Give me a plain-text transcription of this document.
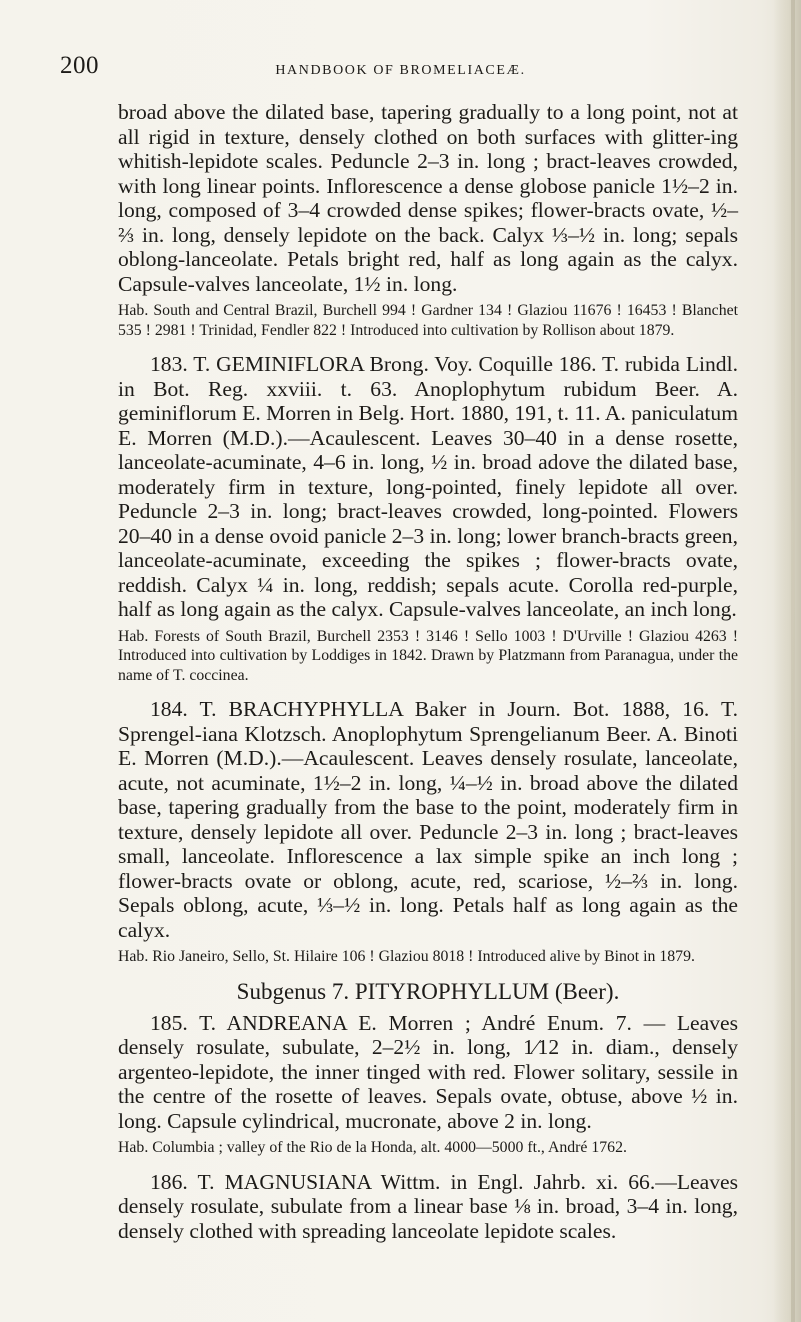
200	HANDBOOK OF BROMELIACEÆ.

broad above the dilated base, tapering gradually to a long point, not at all rigid in texture, densely clothed on both surfaces with glitter-ing whitish-lepidote scales. Peduncle 2–3 in. long ; bract-leaves crowded, with long linear points. Inflorescence a dense globose panicle 1½–2 in. long, composed of 3–4 crowded dense spikes; flower-bracts ovate, ½–⅔ in. long, densely lepidote on the back. Calyx ⅓–½ in. long; sepals oblong-lanceolate. Petals bright red, half as long again as the calyx. Capsule-valves lanceolate, 1½ in. long.

Hab. South and Central Brazil, Burchell 994 ! Gardner 134 ! Glaziou 11676 ! 16453 ! Blanchet 535 ! 2981 ! Trinidad, Fendler 822 ! Introduced into cultivation by Rollison about 1879.

183. T. GEMINIFLORA Brong. Voy. Coquille 186. T. rubida Lindl. in Bot. Reg. xxviii. t. 63. Anoplophytum rubidum Beer. A. geminiflorum E. Morren in Belg. Hort. 1880, 191, t. 11. A. paniculatum E. Morren (M.D.).—Acaulescent. Leaves 30–40 in a dense rosette, lanceolate-acuminate, 4–6 in. long, ½ in. broad adove the dilated base, moderately firm in texture, long-pointed, finely lepidote all over. Peduncle 2–3 in. long; bract-leaves crowded, long-pointed. Flowers 20–40 in a dense ovoid panicle 2–3 in. long; lower branch-bracts green, lanceolate-acuminate, exceeding the spikes ; flower-bracts ovate, reddish. Calyx ¼ in. long, reddish; sepals acute. Corolla red-purple, half as long again as the calyx. Capsule-valves lanceolate, an inch long.

Hab. Forests of South Brazil, Burchell 2353 ! 3146 ! Sello 1003 ! D'Urville ! Glaziou 4263 ! Introduced into cultivation by Loddiges in 1842. Drawn by Platzmann from Paranagua, under the name of T. coccinea.

184. T. BRACHYPHYLLA Baker in Journ. Bot. 1888, 16. T. Sprengel-iana Klotzsch. Anoplophytum Sprengelianum Beer. A. Binoti E. Morren (M.D.).—Acaulescent. Leaves densely rosulate, lanceolate, acute, not acuminate, 1½–2 in. long, ¼–½ in. broad above the dilated base, tapering gradually from the base to the point, moderately firm in texture, densely lepidote all over. Peduncle 2–3 in. long ; bract-leaves small, lanceolate. Inflorescence a lax simple spike an inch long ; flower-bracts ovate or oblong, acute, red, scariose, ½–⅔ in. long. Sepals oblong, acute, ⅓–½ in. long. Petals half as long again as the calyx.

Hab. Rio Janeiro, Sello, St. Hilaire 106 ! Glaziou 8018 ! Introduced alive by Binot in 1879.

Subgenus 7. PITYROPHYLLUM (Beer).

185. T. ANDREANA E. Morren ; André Enum. 7. — Leaves densely rosulate, subulate, 2–2½ in. long, 1⁄12 in. diam., densely argenteo-lepidote, the inner tinged with red. Flower solitary, sessile in the centre of the rosette of leaves. Sepals ovate, obtuse, above ½ in. long. Capsule cylindrical, mucronate, above 2 in. long.

Hab. Columbia ; valley of the Rio de la Honda, alt. 4000—5000 ft., André 1762.

186. T. MAGNUSIANA Wittm. in Engl. Jahrb. xi. 66.—Leaves densely rosulate, subulate from a linear base ⅛ in. broad, 3–4 in. long, densely clothed with spreading lanceolate lepidote scales.
